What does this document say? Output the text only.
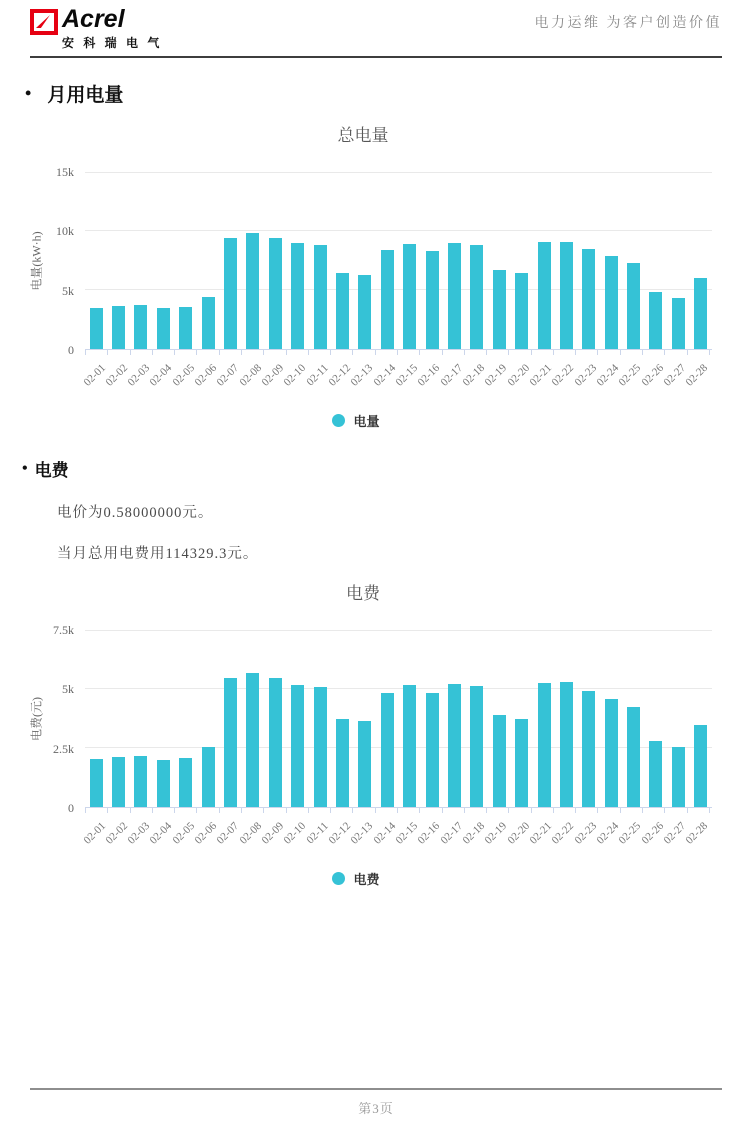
Acrel
安 科 瑞 电 气
电力运维 为客户创造价值
• 月用电量
总电量
电量(kW·h)
0
5k
10k
15k
02-01
02-02
02-03
02-04
02-05
02-06
02-07
02-08
02-09
02-10
02-11
02-12
02-13
02-14
02-15
02-16
02-17
02-18
02-19
02-20
02-21
02-22
02-23
02-24
02-25
02-26
02-27
02-28
电量
• 电费

电价为0.58000000元。

当月总用电费用114329.3元。

电费
电费(元)
0
2.5k
5k
7.5k
02-01
02-02
02-03
02-04
02-05
02-06
02-07
02-08
02-09
02-10
02-11
02-12
02-13
02-14
02-15
02-16
02-17
02-18
02-19
02-20
02-21
02-22
02-23
02-24
02-25
02-26
02-27
02-28
电费
第3页
